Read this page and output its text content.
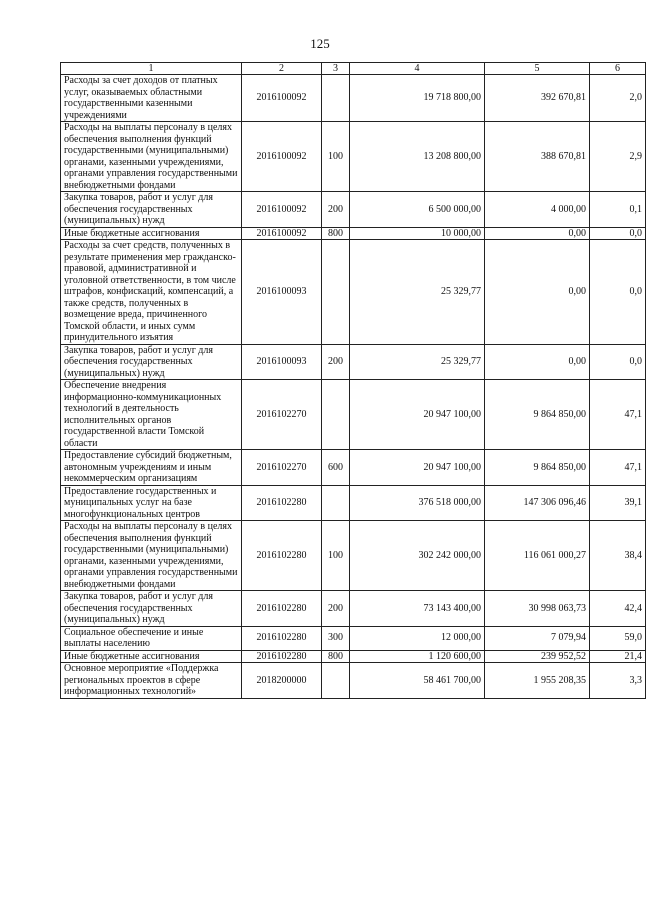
125
1	2	3	4	5	6
Расходы за счет доходов от платных услуг, оказываемых областными государственными казенными учреждениями	2016100092		19 718 800,00	392 670,81	2,0
Расходы на выплаты персоналу в целях обеспечения выполнения функций государственными (муниципальными) органами, казенными учреждениями, органами управления государственными внебюджетными фондами	2016100092	100	13 208 800,00	388 670,81	2,9
Закупка товаров, работ и услуг для обеспечения государственных (муниципальных) нужд	2016100092	200	6 500 000,00	4 000,00	0,1
Иные бюджетные ассигнования	2016100092	800	10 000,00	0,00	0,0
Расходы за счет средств, полученных в результате применения мер гражданско-правовой, административной и уголовной ответственности, в том числе штрафов, конфискаций, компенсаций, а также средств, полученных в возмещение вреда, причиненного Томской области, и иных сумм принудительного изъятия	2016100093		25 329,77	0,00	0,0
Закупка товаров, работ и услуг для обеспечения государственных (муниципальных) нужд	2016100093	200	25 329,77	0,00	0,0
Обеспечение внедрения информационно-коммуникационных технологий в деятельность исполнительных органов государственной власти Томской области	2016102270		20 947 100,00	9 864 850,00	47,1
Предоставление субсидий бюджетным, автономным учреждениям и иным некоммерческим организациям	2016102270	600	20 947 100,00	9 864 850,00	47,1
Предоставление государственных и муниципальных услуг на базе многофункциональных центров	2016102280		376 518 000,00	147 306 096,46	39,1
Расходы на выплаты персоналу в целях обеспечения выполнения функций государственными (муниципальными) органами, казенными учреждениями, органами управления государственными внебюджетными фондами	2016102280	100	302 242 000,00	116 061 000,27	38,4
Закупка товаров, работ и услуг для обеспечения государственных (муниципальных) нужд	2016102280	200	73 143 400,00	30 998 063,73	42,4
Социальное обеспечение и иные выплаты населению	2016102280	300	12 000,00	7 079,94	59,0
Иные бюджетные ассигнования	2016102280	800	1 120 600,00	239 952,52	21,4
Основное мероприятие «Поддержка региональных проектов в сфере информационных технологий»	2018200000		58 461 700,00	1 955 208,35	3,3
